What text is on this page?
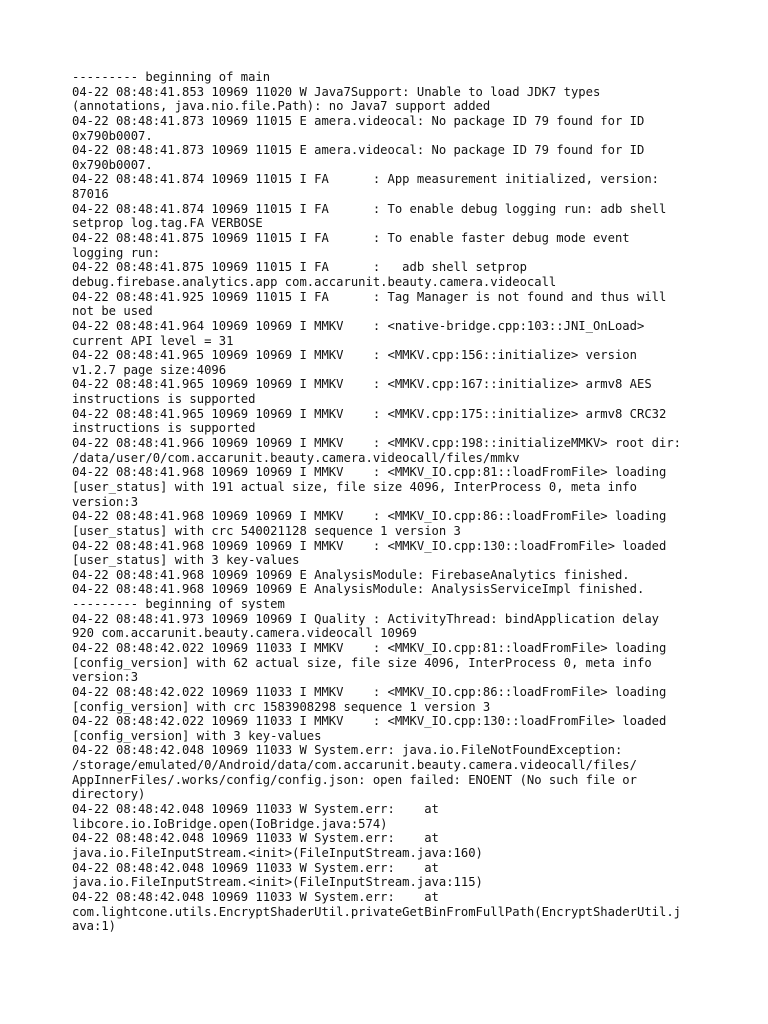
--------- beginning of main
04-22 08:48:41.853 10969 11020 W Java7Support: Unable to load JDK7 types
(annotations, java.nio.file.Path): no Java7 support added
04-22 08:48:41.873 10969 11015 E amera.videocal: No package ID 79 found for ID
0x790b0007.
04-22 08:48:41.873 10969 11015 E amera.videocal: No package ID 79 found for ID
0x790b0007.
04-22 08:48:41.874 10969 11015 I FA      : App measurement initialized, version:
87016
04-22 08:48:41.874 10969 11015 I FA      : To enable debug logging run: adb shell
setprop log.tag.FA VERBOSE
04-22 08:48:41.875 10969 11015 I FA      : To enable faster debug mode event
logging run:
04-22 08:48:41.875 10969 11015 I FA      :   adb shell setprop
debug.firebase.analytics.app com.accarunit.beauty.camera.videocall
04-22 08:48:41.925 10969 11015 I FA      : Tag Manager is not found and thus will
not be used
04-22 08:48:41.964 10969 10969 I MMKV    : <native-bridge.cpp:103::JNI_OnLoad>
current API level = 31
04-22 08:48:41.965 10969 10969 I MMKV    : <MMKV.cpp:156::initialize> version
v1.2.7 page size:4096
04-22 08:48:41.965 10969 10969 I MMKV    : <MMKV.cpp:167::initialize> armv8 AES
instructions is supported
04-22 08:48:41.965 10969 10969 I MMKV    : <MMKV.cpp:175::initialize> armv8 CRC32
instructions is supported
04-22 08:48:41.966 10969 10969 I MMKV    : <MMKV.cpp:198::initializeMMKV> root dir:
/data/user/0/com.accarunit.beauty.camera.videocall/files/mmkv
04-22 08:48:41.968 10969 10969 I MMKV    : <MMKV_IO.cpp:81::loadFromFile> loading
[user_status] with 191 actual size, file size 4096, InterProcess 0, meta info
version:3
04-22 08:48:41.968 10969 10969 I MMKV    : <MMKV_IO.cpp:86::loadFromFile> loading
[user_status] with crc 540021128 sequence 1 version 3
04-22 08:48:41.968 10969 10969 I MMKV    : <MMKV_IO.cpp:130::loadFromFile> loaded
[user_status] with 3 key-values
04-22 08:48:41.968 10969 10969 E AnalysisModule: FirebaseAnalytics finished.
04-22 08:48:41.968 10969 10969 E AnalysisModule: AnalysisServiceImpl finished.
--------- beginning of system
04-22 08:48:41.973 10969 10969 I Quality : ActivityThread: bindApplication delay
920 com.accarunit.beauty.camera.videocall 10969
04-22 08:48:42.022 10969 11033 I MMKV    : <MMKV_IO.cpp:81::loadFromFile> loading
[config_version] with 62 actual size, file size 4096, InterProcess 0, meta info
version:3
04-22 08:48:42.022 10969 11033 I MMKV    : <MMKV_IO.cpp:86::loadFromFile> loading
[config_version] with crc 1583908298 sequence 1 version 3
04-22 08:48:42.022 10969 11033 I MMKV    : <MMKV_IO.cpp:130::loadFromFile> loaded
[config_version] with 3 key-values
04-22 08:48:42.048 10969 11033 W System.err: java.io.FileNotFoundException:
/storage/emulated/0/Android/data/com.accarunit.beauty.camera.videocall/files/
AppInnerFiles/.works/config/config.json: open failed: ENOENT (No such file or
directory)
04-22 08:48:42.048 10969 11033 W System.err:    at
libcore.io.IoBridge.open(IoBridge.java:574)
04-22 08:48:42.048 10969 11033 W System.err:    at
java.io.FileInputStream.<init>(FileInputStream.java:160)
04-22 08:48:42.048 10969 11033 W System.err:    at
java.io.FileInputStream.<init>(FileInputStream.java:115)
04-22 08:48:42.048 10969 11033 W System.err:    at
com.lightcone.utils.EncryptShaderUtil.privateGetBinFromFullPath(EncryptShaderUtil.j
ava:1)
